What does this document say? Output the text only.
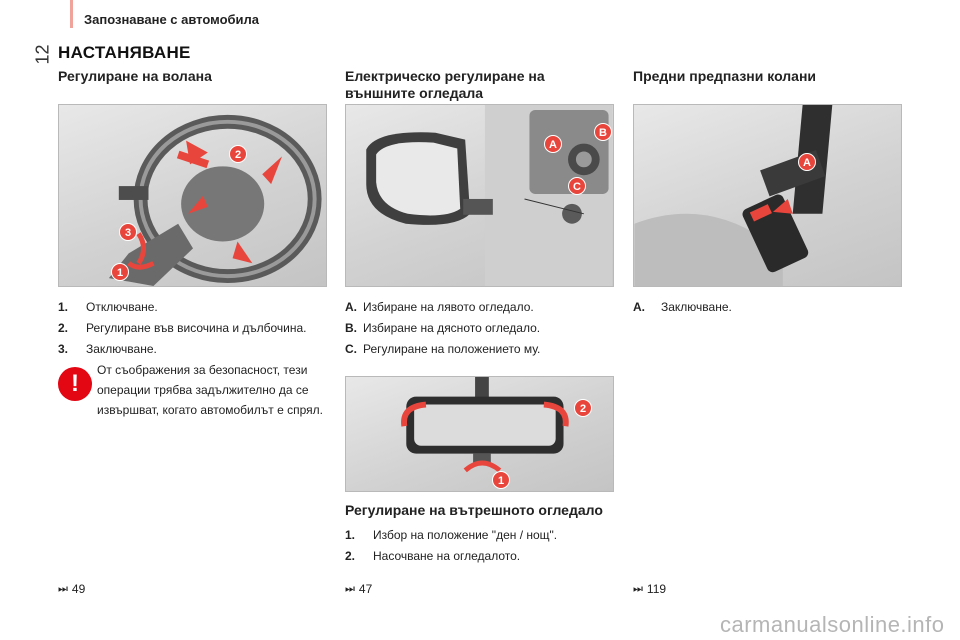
Запознаване с автомобила
12 НАСТАНЯВАНЕ
Регулиране на волана
2
3
1
1.	Отключване.
2.	Регулиране във височина и дълбочина.
3.	Заключване.
!	От съображения за безопасност, тези
операции трябва задължително да се
извършват, когато автомобилът е спрял.
⏭ 49
Електрическо регулиране на
външните огледала
A
B
C
A. Избиране на лявото огледало.
B. Избиране на дясното огледало.
C. Регулиране на положението му.
2
1
Регулиране на вътрешното огледало
1.	Избор на положение "ден / нощ".
2.	Насочване на огледалото.
⏭ 47
Предни предпазни колани
A
A.	Заключване.
⏭ 119
carmanualsonline.info
